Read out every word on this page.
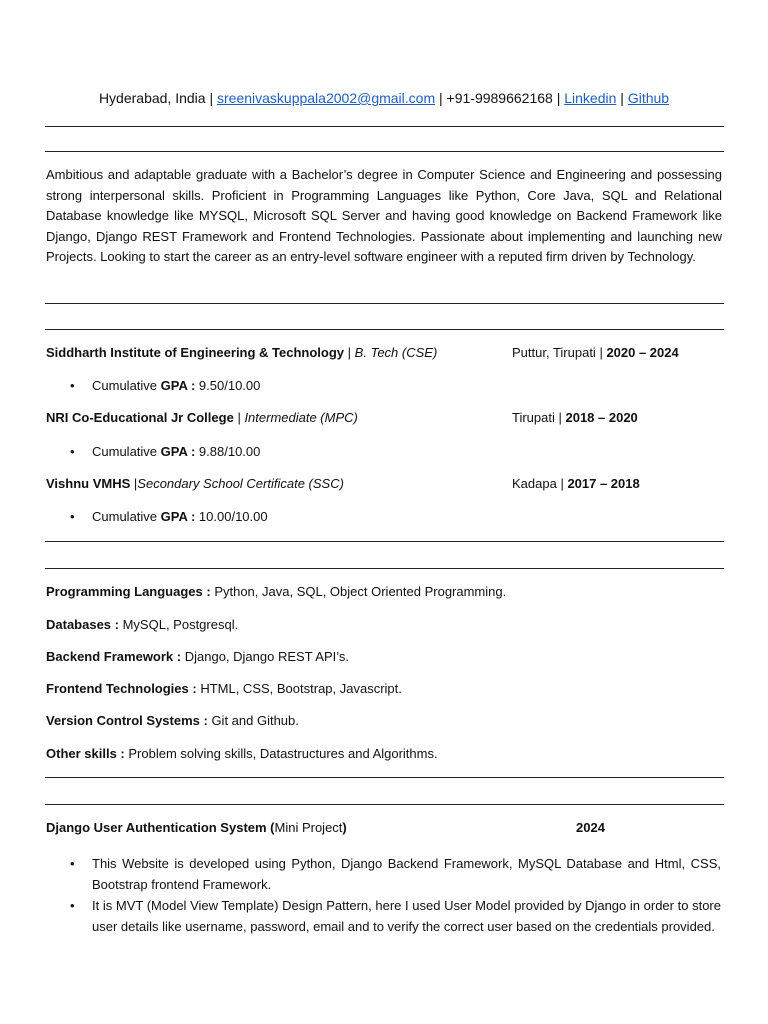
Hyderabad, India | sreenivaskuppala2002@gmail.com | +91-9989662168 | Linkedin | Github

Ambitious and adaptable graduate with a Bachelor’s degree in Computer Science and Engineering and possessing strong interpersonal skills. Proficient in Programming Languages like Python, Core Java, SQL and Relational Database knowledge like MYSQL, Microsoft SQL Server and having good knowledge on Backend Framework like Django, Django REST Framework and Frontend Technologies. Passionate about implementing and launching new Projects. Looking to start the career as an entry-level software engineer with a reputed firm driven by Technology.

Siddharth Institute of Engineering & Technology | B. Tech (CSE)	Puttur, Tirupati | 2020 – 2024
• Cumulative GPA : 9.50/10.00
NRI Co-Educational Jr College | Intermediate (MPC)	Tirupati | 2018 – 2020
• Cumulative GPA : 9.88/10.00
Vishnu VMHS |Secondary School Certificate (SSC)	Kadapa | 2017 – 2018
• Cumulative GPA : 10.00/10.00
Programming Languages : Python, Java, SQL, Object Oriented Programming.
Databases : MySQL, Postgresql.
Backend Framework : Django, Django REST API’s.
Frontend Technologies : HTML, CSS, Bootstrap, Javascript.
Version Control Systems : Git and Github.
Other skills : Problem solving skills, Datastructures and Algorithms.
Django User Authentication System (Mini Project)	2024
• This Website is developed using Python, Django Backend Framework, MySQL Database and Html, CSS, Bootstrap frontend Framework.

• It is MVT (Model View Template) Design Pattern, here I used User Model provided by Django in order to store user details like username, password, email and to verify the correct user based on the credentials provided.
